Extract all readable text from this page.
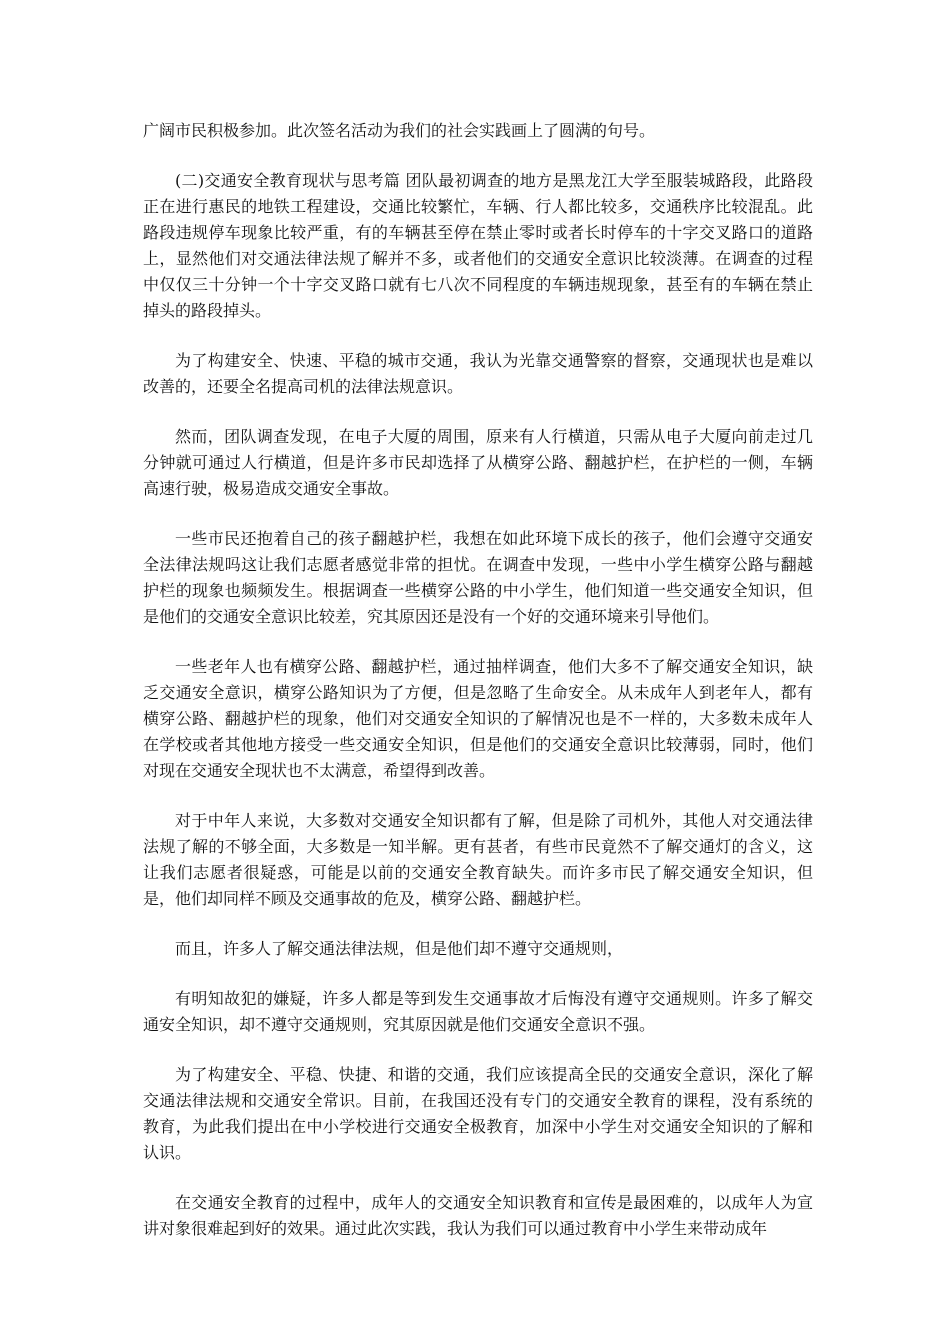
广阔市民积极参加。此次签名活动为我们的社会实践画上了圆满的句号。

(二)交通安全教育现状与思考篇 团队最初调查的地方是黑龙江大学至服装城路段，此路段正在进行惠民的地铁工程建设，交通比较繁忙，车辆、行人都比较多，交通秩序比较混乱。此路段违规停车现象比较严重，有的车辆甚至停在禁止零时或者长时停车的十字交叉路口的道路上，显然他们对交通法律法规了解并不多，或者他们的交通安全意识比较淡薄。在调查的过程中仅仅三十分钟一个十字交叉路口就有七八次不同程度的车辆违规现象，甚至有的车辆在禁止掉头的路段掉头。

为了构建安全、快速、平稳的城市交通，我认为光靠交通警察的督察，交通现状也是难以改善的，还要全名提高司机的法律法规意识。

然而，团队调查发现，在电子大厦的周围，原来有人行横道，只需从电子大厦向前走过几分钟就可通过人行横道，但是许多市民却选择了从横穿公路、翻越护栏，在护栏的一侧，车辆高速行驶，极易造成交通安全事故。

一些市民还抱着自己的孩子翻越护栏，我想在如此环境下成长的孩子，他们会遵守交通安全法律法规吗这让我们志愿者感觉非常的担忧。在调查中发现，一些中小学生横穿公路与翻越护栏的现象也频频发生。根据调查一些横穿公路的中小学生，他们知道一些交通安全知识，但是他们的交通安全意识比较差，究其原因还是没有一个好的交通环境来引导他们。

一些老年人也有横穿公路、翻越护栏，通过抽样调查，他们大多不了解交通安全知识，缺乏交通安全意识，横穿公路知识为了方便，但是忽略了生命安全。从未成年人到老年人，都有横穿公路、翻越护栏的现象，他们对交通安全知识的了解情况也是不一样的，大多数未成年人在学校或者其他地方接受一些交通安全知识，但是他们的交通安全意识比较薄弱，同时，他们对现在交通安全现状也不太满意，希望得到改善。

对于中年人来说，大多数对交通安全知识都有了解，但是除了司机外，其他人对交通法律法规了解的不够全面，大多数是一知半解。更有甚者，有些市民竟然不了解交通灯的含义，这让我们志愿者很疑惑，可能是以前的交通安全教育缺失。而许多市民了解交通安全知识，但是，他们却同样不顾及交通事故的危及，横穿公路、翻越护栏。

而且，许多人了解交通法律法规，但是他们却不遵守交通规则，

有明知故犯的嫌疑，许多人都是等到发生交通事故才后悔没有遵守交通规则。许多了解交通安全知识，却不遵守交通规则，究其原因就是他们交通安全意识不强。

为了构建安全、平稳、快捷、和谐的交通，我们应该提高全民的交通安全意识，深化了解交通法律法规和交通安全常识。目前，在我国还没有专门的交通安全教育的课程，没有系统的教育，为此我们提出在中小学校进行交通安全极教育，加深中小学生对交通安全知识的了解和认识。

在交通安全教育的过程中，成年人的交通安全知识教育和宣传是最困难的，以成年人为宣讲对象很难起到好的效果。通过此次实践，我认为我们可以通过教育中小学生来带动成年
